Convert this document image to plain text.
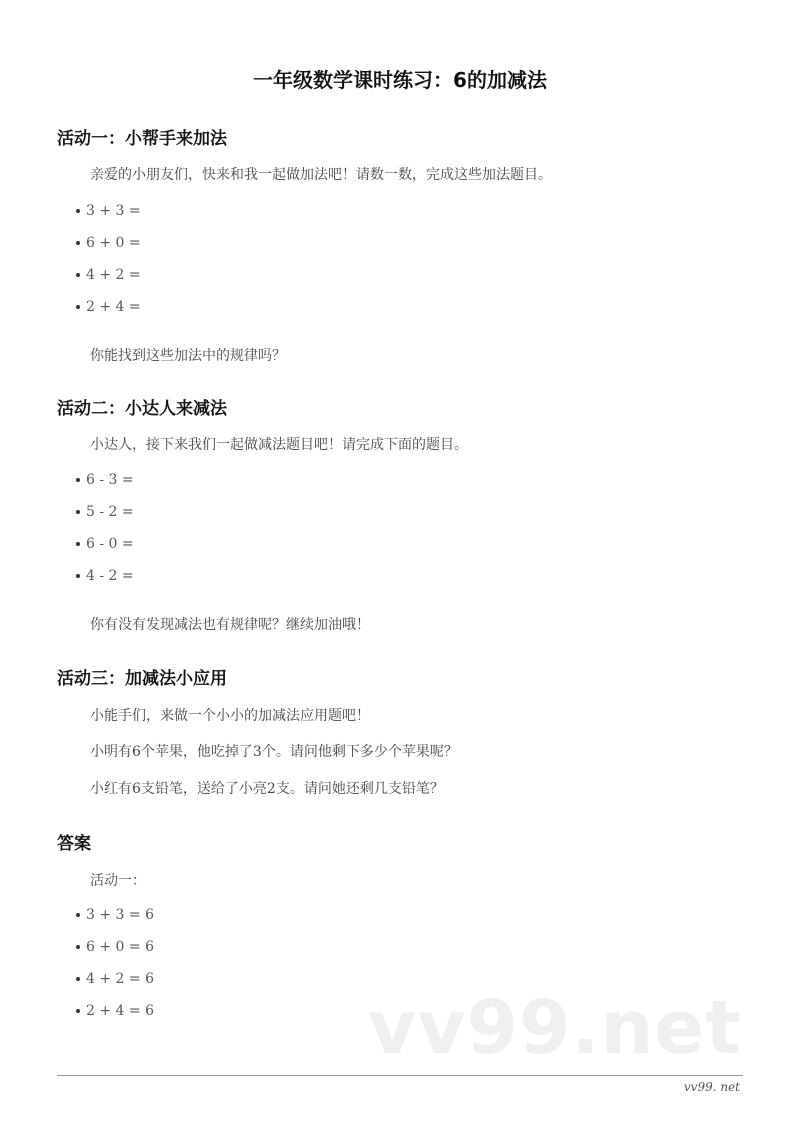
一年级数学课时练习：6的加减法
活动一：小帮手来加法
亲爱的小朋友们，快来和我一起做加法吧！请数一数，完成这些加法题目。
3 + 3 =
6 + 0 =
4 + 2 =
2 + 4 =
你能找到这些加法中的规律吗？
活动二：小达人来减法
小达人，接下来我们一起做减法题目吧！请完成下面的题目。
6 - 3 =
5 - 2 =
6 - 0 =
4 - 2 =
你有没有发现减法也有规律呢？继续加油哦！
活动三：加减法小应用
小能手们，来做一个小小的加减法应用题吧！
小明有6个苹果，他吃掉了3个。请问他剩下多少个苹果呢？
小红有6支铅笔，送给了小亮2支。请问她还剩几支铅笔？
答案
活动一：
3 + 3 = 6
6 + 0 = 6
4 + 2 = 6
2 + 4 = 6	vv99.net
vv99. net
